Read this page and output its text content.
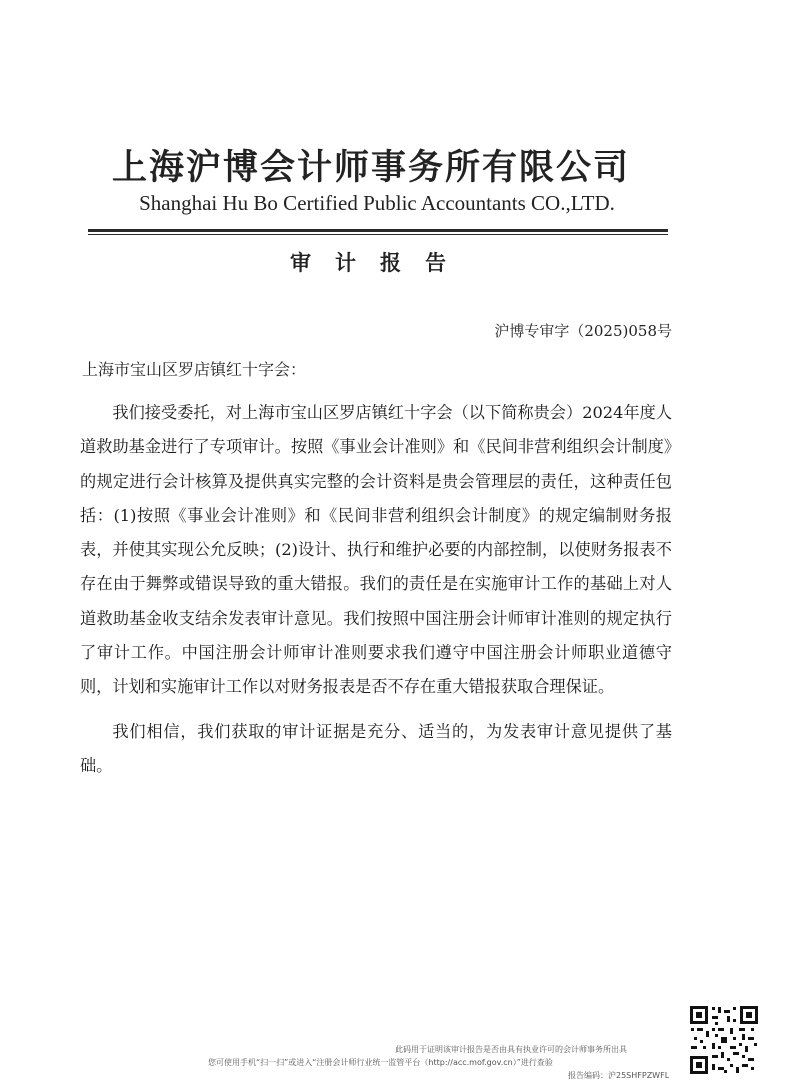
上海沪博会计师事务所有限公司
Shanghai Hu Bo Certified Public Accountants CO.,LTD.
审计报告
沪博专审字（2025)058号
上海市宝山区罗店镇红十字会：

我们接受委托，对上海市宝山区罗店镇红十字会（以下简称贵会）2024年度人道救助基金进行了专项审计。按照《事业会计准则》和《民间非营利组织会计制度》的规定进行会计核算及提供真实完整的会计资料是贵会管理层的责任，这种责任包括：(1)按照《事业会计准则》和《民间非营利组织会计制度》的规定编制财务报表，并使其实现公允反映；(2)设计、执行和维护必要的内部控制，以使财务报表不存在由于舞弊或错误导致的重大错报。我们的责任是在实施审计工作的基础上对人道救助基金收支结余发表审计意见。我们按照中国注册会计师审计准则的规定执行了审计工作。中国注册会计师审计准则要求我们遵守中国注册会计师职业道德守则，计划和实施审计工作以对财务报表是否不存在重大错报获取合理保证。

我们相信，我们获取的审计证据是充分、适当的，为发表审计意见提供了基础。

此码用于证明该审计报告是否由具有执业许可的会计师事务所出具
您可使用手机“扫一扫”或进入“注册会计师行业统一监管平台（http://acc.mof.gov.cn）”进行查验
报告编码：沪25SHFPZWFL
